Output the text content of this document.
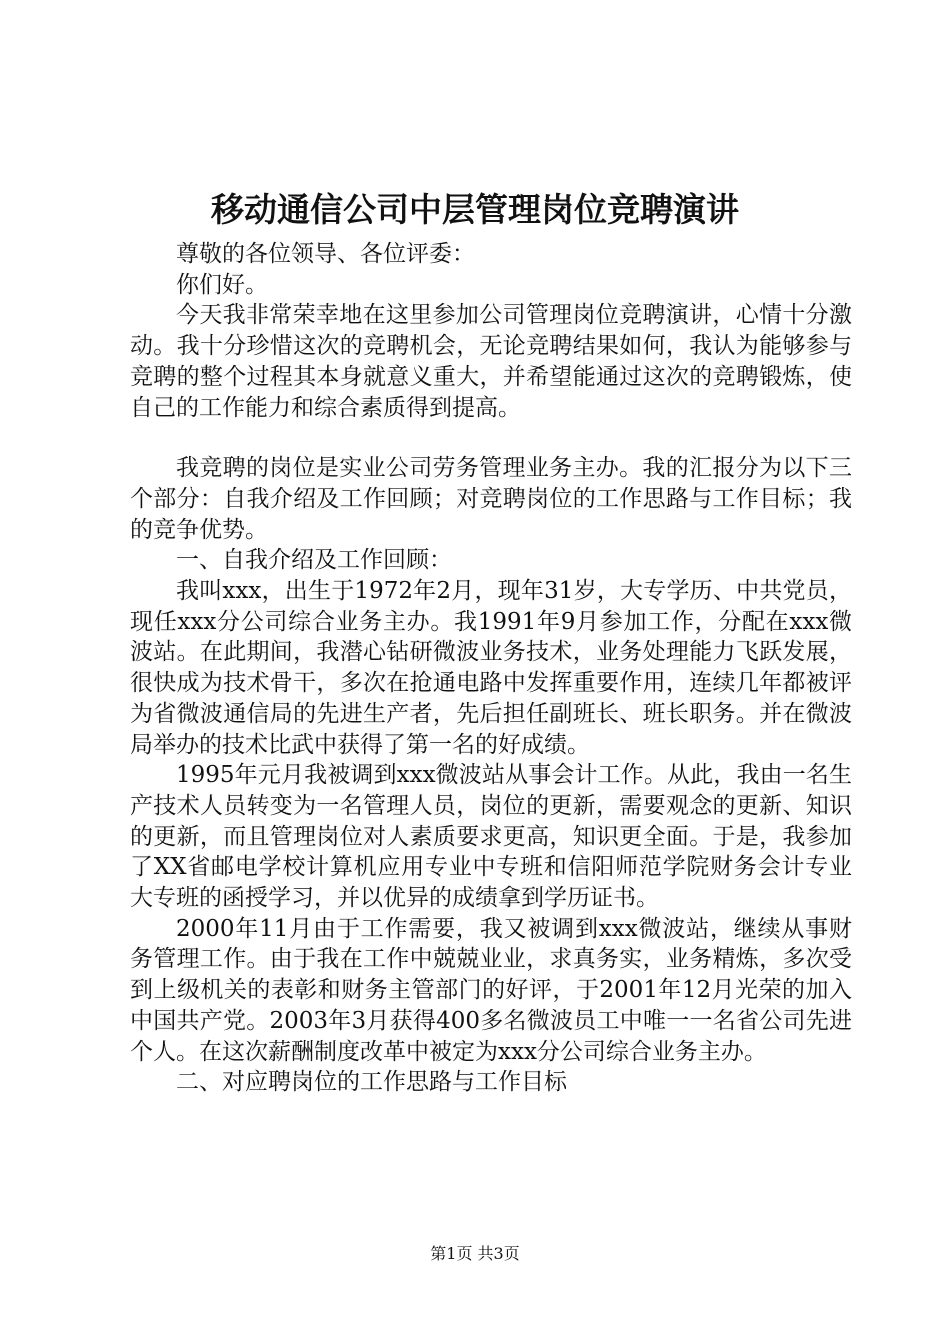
移动通信公司中层管理岗位竞聘演讲

尊敬的各位领导、各位评委：

你们好。

今天我非常荣幸地在这里参加公司管理岗位竞聘演讲，心情十分激动。我十分珍惜这次的竞聘机会，无论竞聘结果如何，我认为能够参与竞聘的整个过程其本身就意义重大，并希望能通过这次的竞聘锻炼，使自己的工作能力和综合素质得到提高。

我竞聘的岗位是实业公司劳务管理业务主办。我的汇报分为以下三个部分：自我介绍及工作回顾；对竞聘岗位的工作思路与工作目标；我的竞争优势。

一、自我介绍及工作回顾：

我叫xxx，出生于1972年2月，现年31岁，大专学历、中共党员，现任xxx分公司综合业务主办。我1991年9月参加工作，分配在xxx微波站。在此期间，我潜心钻研微波业务技术，业务处理能力飞跃发展，很快成为技术骨干，多次在抢通电路中发挥重要作用，连续几年都被评为省微波通信局的先进生产者，先后担任副班长、班长职务。并在微波局举办的技术比武中获得了第一名的好成绩。

1995年元月我被调到xxx微波站从事会计工作。从此，我由一名生产技术人员转变为一名管理人员，岗位的更新，需要观念的更新、知识的更新，而且管理岗位对人素质要求更高，知识更全面。于是，我参加了XX省邮电学校计算机应用专业中专班和信阳师范学院财务会计专业大专班的函授学习，并以优异的成绩拿到学历证书。

2000年11月由于工作需要，我又被调到xxx微波站，继续从事财务管理工作。由于我在工作中兢兢业业，求真务实，业务精炼，多次受到上级机关的表彰和财务主管部门的好评，于2001年12月光荣的加入中国共产党。2003年3月获得400多名微波员工中唯一一名省公司先进个人。在这次薪酬制度改革中被定为xxx分公司综合业务主办。

二、对应聘岗位的工作思路与工作目标

第1页 共3页
